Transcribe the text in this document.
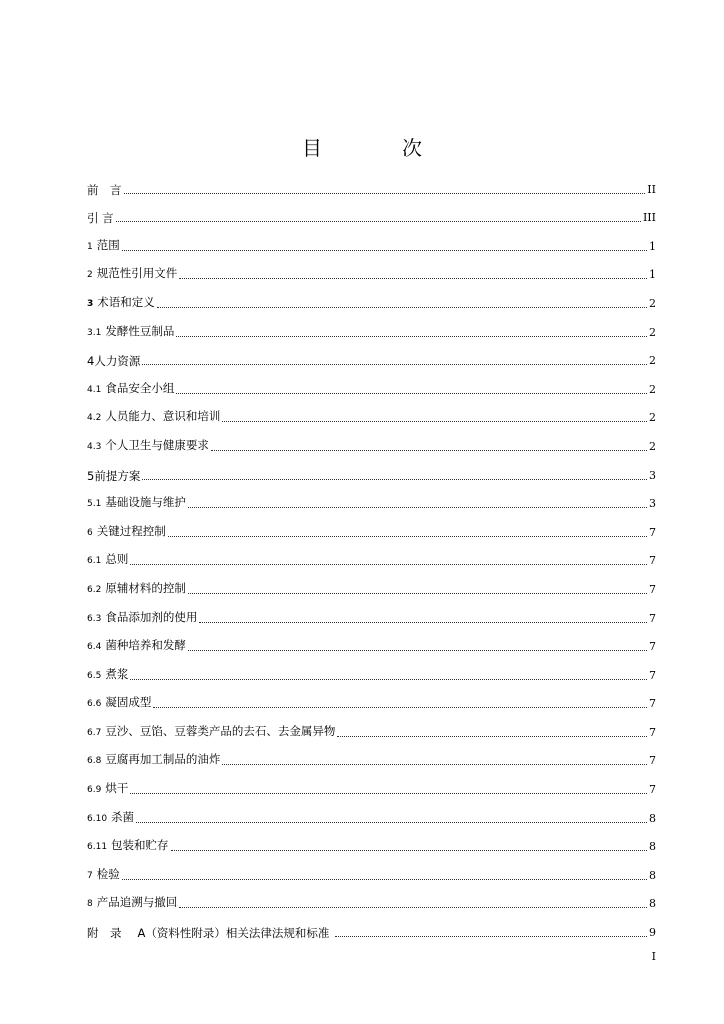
目　次
前　言	II
引 言	III
1 范围	1
2 规范性引用文件	1
3 术语和定义	2
3.1 发酵性豆制品	2
4人力资源	2
4.1 食品安全小组	2
4.2 人员能力、意识和培训	2
4.3 个人卫生与健康要求	2
5前提方案	3
5.1 基础设施与维护	3
6 关键过程控制	7
6.1 总则	7
6.2 原辅材料的控制	7
6.3 食品添加剂的使用	7
6.4 菌种培养和发酵	7
6.5 煮浆	7
6.6 凝固成型	7
6.7 豆沙、豆馅、豆蓉类产品的去石、去金属异物	7
6.8 豆腐再加工制品的油炸	7
6.9 烘干	7
6.10 杀菌	8
6.11 包装和贮存	8
7 检验	8
8 产品追溯与撤回	8
附　录 A（资料性附录）相关法律法规和标准	9
I
